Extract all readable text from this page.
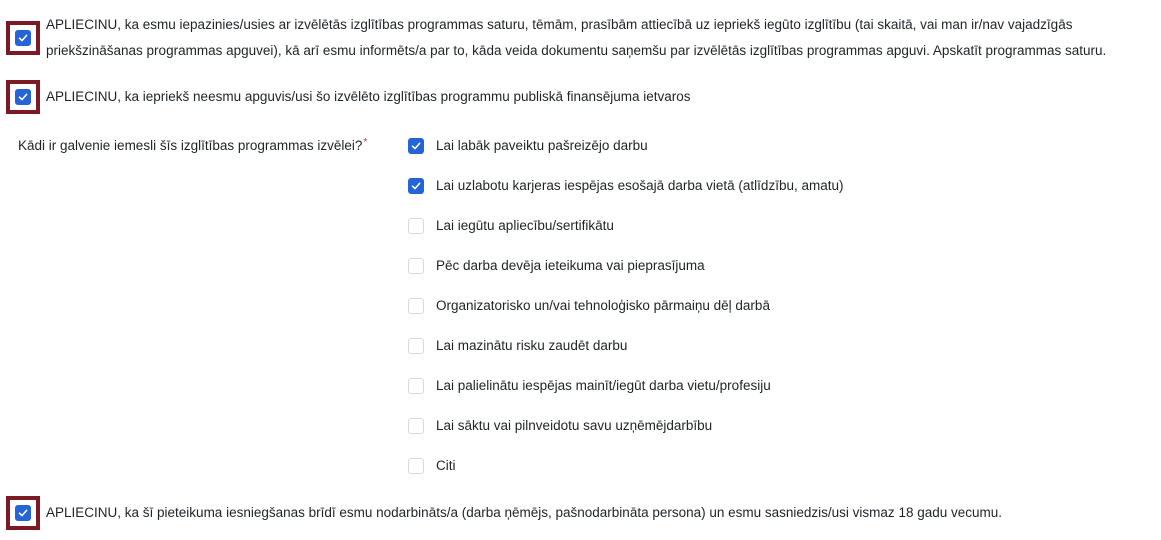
APLIECINU, ka esmu iepazinies/usies ar izvēlētās izglītības programmas saturu, tēmām, prasībām attiecībā uz iepriekš iegūto izglītību (tai skaitā, vai man ir/nav vajadzīgās priekšzināšanas programmas apguvei), kā arī esmu informēts/a par to, kāda veida dokumentu saņemšu par izvēlētās izglītības programmas apguvi. Apskatīt programmas saturu.
APLIECINU, ka iepriekš neesmu apguvis/usi šo izvēlēto izglītības programmu publiskā finansējuma ietvaros
Kādi ir galvenie iemesli šīs izglītības programmas izvēlei?*	Lai labāk paveiktu pašreizējo darbu
Lai uzlabotu karjeras iespējas esošajā darba vietā (atlīdzību, amatu)
Lai iegūtu apliecību/sertifikātu
Pēc darba devēja ieteikuma vai pieprasījuma
Organizatorisko un/vai tehnoloģisko pārmaiņu dēļ darbā
Lai mazinātu risku zaudēt darbu
Lai palielinātu iespējas mainīt/iegūt darba vietu/profesiju
Lai sāktu vai pilnveidotu savu uzņēmējdarbību
Citi
APLIECINU, ka šī pieteikuma iesniegšanas brīdī esmu nodarbināts/a (darba ņēmējs, pašnodarbināta persona) un esmu sasniedzis/usi vismaz 18 gadu vecumu.
